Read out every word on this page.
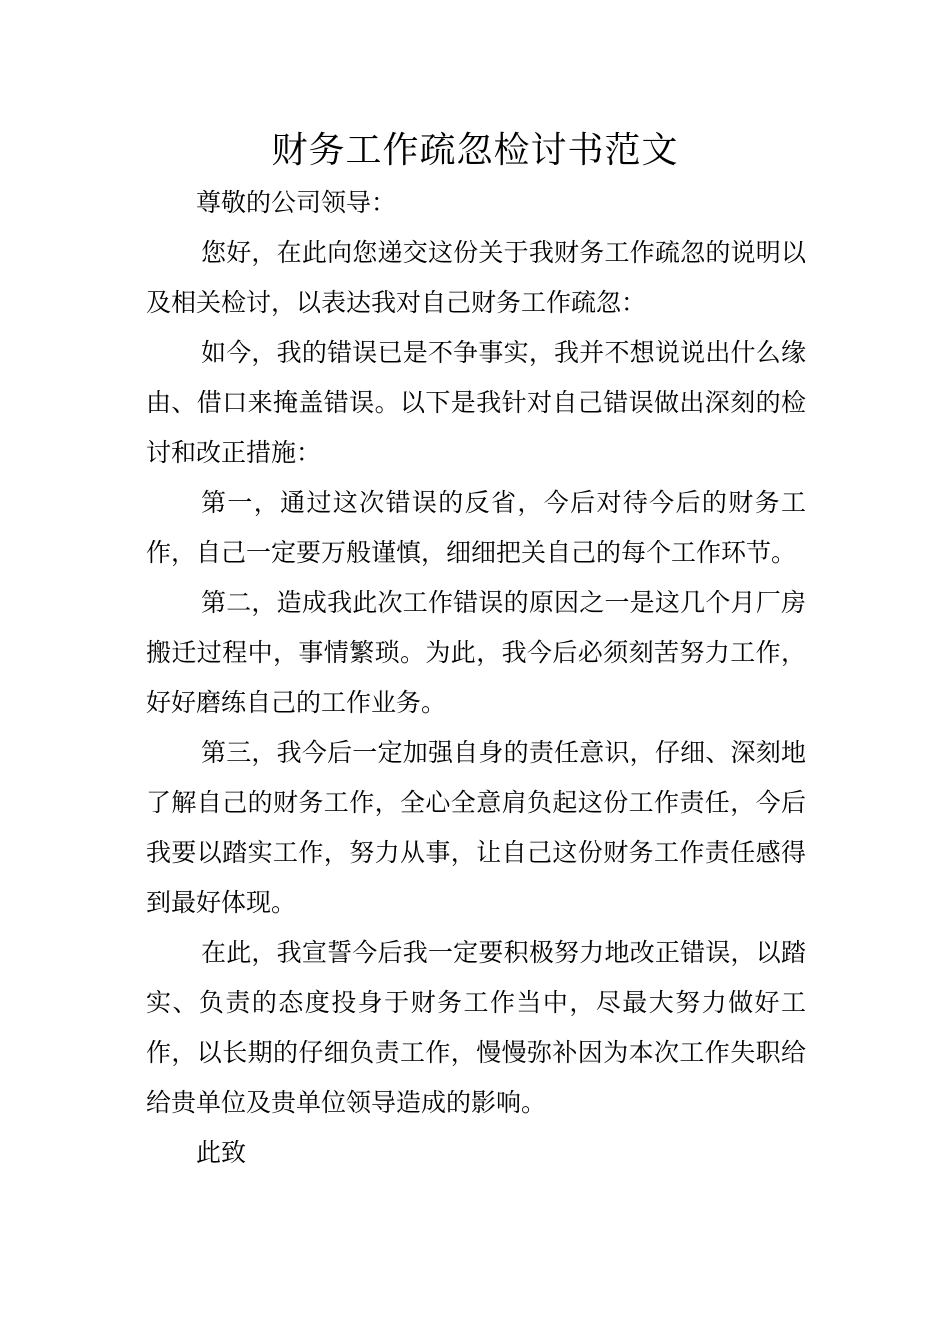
财务工作疏忽检讨书范文

尊敬的公司领导：

您好，在此向您递交这份关于我财务工作疏忽的说明以及相关检讨，以表达我对自己财务工作疏忽：

如今，我的错误已是不争事实，我并不想说说出什么缘由、借口来掩盖错误。以下是我针对自己错误做出深刻的检讨和改正措施：

第一，通过这次错误的反省，今后对待今后的财务工作，自己一定要万般谨慎，细细把关自己的每个工作环节。

第二，造成我此次工作错误的原因之一是这几个月厂房搬迁过程中，事情繁琐。为此，我今后必须刻苦努力工作，好好磨练自己的工作业务。

第三，我今后一定加强自身的责任意识，仔细、深刻地了解自己的财务工作，全心全意肩负起这份工作责任，今后我要以踏实工作，努力从事，让自己这份财务工作责任感得到最好体现。

在此，我宣誓今后我一定要积极努力地改正错误，以踏实、负责的态度投身于财务工作当中，尽最大努力做好工作，以长期的仔细负责工作，慢慢弥补因为本次工作失职给给贵单位及贵单位领导造成的影响。

此致
